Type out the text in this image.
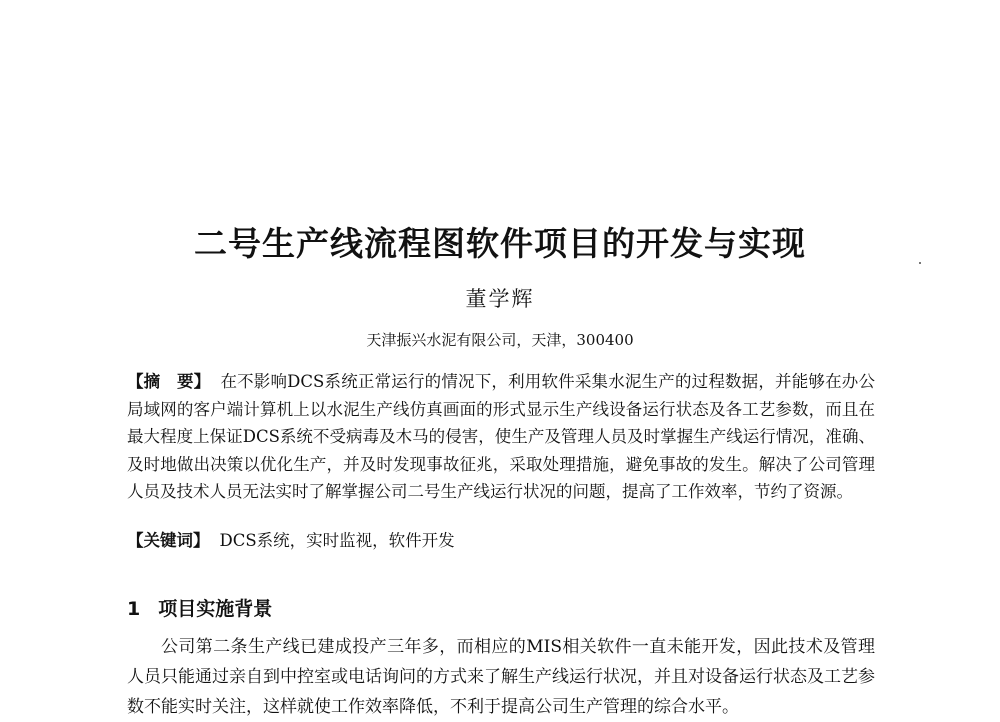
二号生产线流程图软件项目的开发与实现
董学辉
天津振兴水泥有限公司，天津，300400
【摘　要】 在不影响DCS系统正常运行的情况下，利用软件采集水泥生产的过程数据，并能够在办公局域网的客户端计算机上以水泥生产线仿真画面的形式显示生产线设备运行状态及各工艺参数，而且在最大程度上保证DCS系统不受病毒及木马的侵害，使生产及管理人员及时掌握生产线运行情况，准确、及时地做出决策以优化生产，并及时发现事故征兆，采取处理措施，避免事故的发生。解决了公司管理人员及技术人员无法实时了解掌握公司二号生产线运行状况的问题，提高了工作效率，节约了资源。
【关键词】 DCS系统，实时监视，软件开发
1 项目实施背景
公司第二条生产线已建成投产三年多，而相应的MIS相关软件一直未能开发，因此技术及管理人员只能通过亲自到中控室或电话询问的方式来了解生产线运行状况，并且对设备运行状态及工艺参数不能实时关注，这样就使工作效率降低，不利于提高公司生产管理的综合水平。
